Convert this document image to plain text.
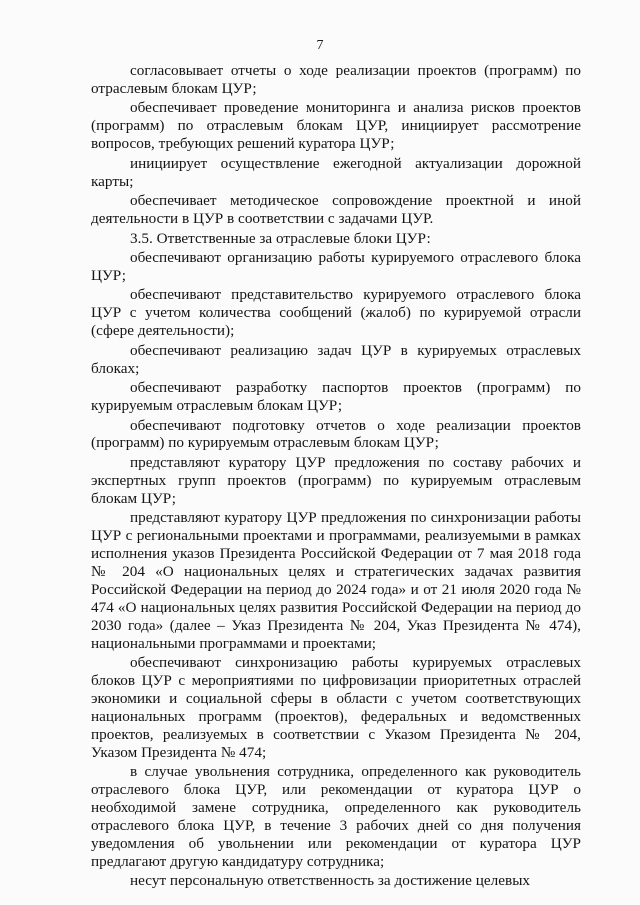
7

согласовывает отчеты о ходе реализации проектов (программ) по отраслевым блокам ЦУР;

обеспечивает проведение мониторинга и анализа рисков проектов (программ) по отраслевым блокам ЦУР, инициирует рассмотрение вопросов, требующих решений куратора ЦУР;

инициирует осуществление ежегодной актуализации дорожной карты;

обеспечивает методическое сопровождение проектной и иной деятельности в ЦУР в соответствии с задачами ЦУР.

3.5. Ответственные за отраслевые блоки ЦУР:

обеспечивают организацию работы курируемого отраслевого блока ЦУР;

обеспечивают представительство курируемого отраслевого блока ЦУР с учетом количества сообщений (жалоб) по курируемой отрасли (сфере деятельности);

обеспечивают реализацию задач ЦУР в курируемых отраслевых блоках;

обеспечивают разработку паспортов проектов (программ) по курируемым отраслевым блокам ЦУР;

обеспечивают подготовку отчетов о ходе реализации проектов (программ) по курируемым отраслевым блокам ЦУР;

представляют куратору ЦУР предложения по составу рабочих и экспертных групп проектов (программ) по курируемым отраслевым блокам ЦУР;

представляют куратору ЦУР предложения по синхронизации работы ЦУР с региональными проектами и программами, реализуемыми в рамках исполнения указов Президента Российской Федерации от 7 мая 2018 года № 204 «О национальных целях и стратегических задачах развития Российской Федерации на период до 2024 года» и от 21 июля 2020 года № 474 «О национальных целях развития Российской Федерации на период до 2030 года» (далее – Указ Президента № 204, Указ Президента № 474), национальными программами и проектами;

обеспечивают синхронизацию работы курируемых отраслевых блоков ЦУР с мероприятиями по цифровизации приоритетных отраслей экономики и социальной сферы в области с учетом соответствующих национальных программ (проектов), федеральных и ведомственных проектов, реализуемых в соответствии с Указом Президента № 204, Указом Президента № 474;

в случае увольнения сотрудника, определенного как руководитель отраслевого блока ЦУР, или рекомендации от куратора ЦУР о необходимой замене сотрудника, определенного как руководитель отраслевого блока ЦУР, в течение 3 рабочих дней со дня получения уведомления об увольнении или рекомендации от куратора ЦУР предлагают другую кандидатуру сотрудника;

несут персональную ответственность за достижение целевых
